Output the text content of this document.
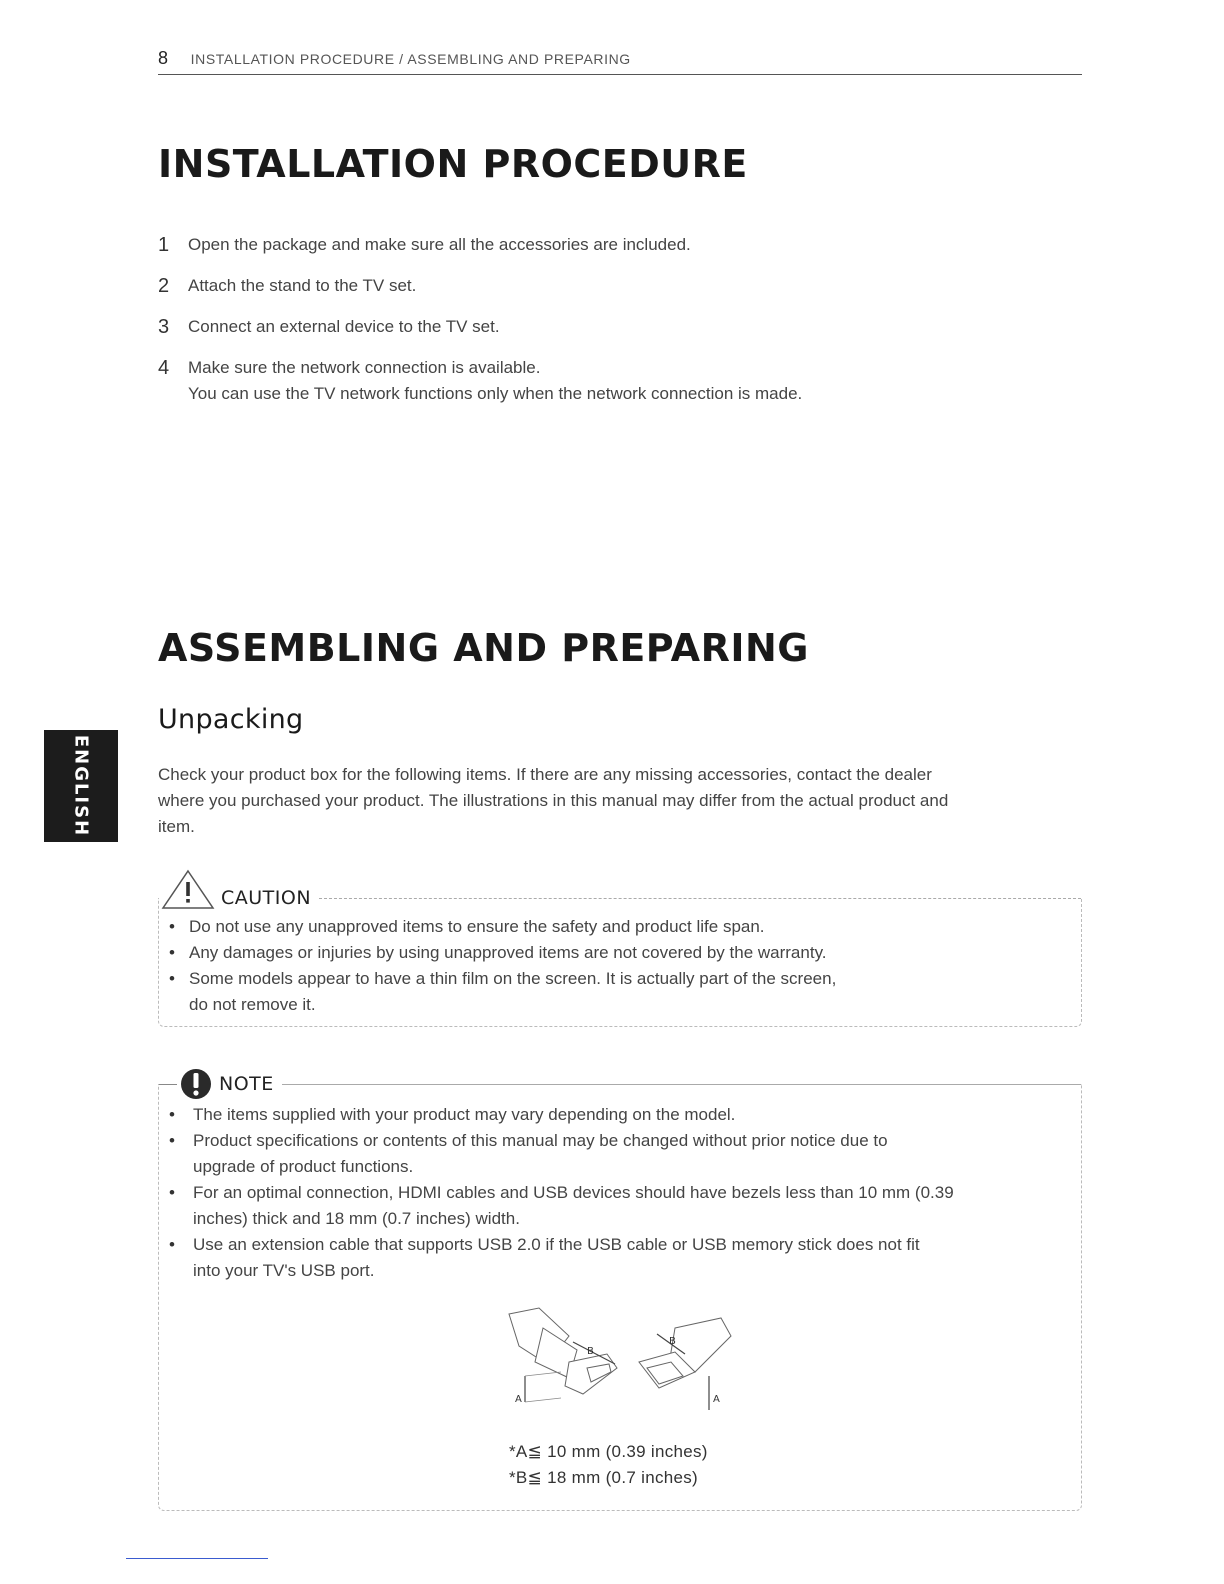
8 INSTALLATION PROCEDURE / ASSEMBLING AND PREPARING
INSTALLATION PROCEDURE
1	Open the package and make sure all the accessories are included.
2	Attach the stand to the TV set.
3	Connect an external device to the TV set.
4	Make sure the network connection is available.
You can use the TV network functions only when the network connection is made.
ASSEMBLING AND PREPARING
Unpacking

Check your product box for the following items. If there are any missing accessories, contact the dealer
where you purchased your product. The illustrations in this manual may differ from the actual product and
item.

ENGLISH
CAUTION
• Do not use any unapproved items to ensure the safety and product life span.
• Any damages or injuries by using unapproved items are not covered by the warranty.
• Some models appear to have a thin film on the screen. It is actually part of the screen,
do not remove it.
NOTE
• The items supplied with your product may vary depending on the model.
• Product specifications or contents of this manual may be changed without prior notice due to
upgrade of product functions.
• For an optimal connection, HDMI cables and USB devices should have bezels less than 10 mm (0.39
inches) thick and 18 mm (0.7 inches) width.
• Use an extension cable that supports USB 2.0 if the USB cable or USB memory stick does not fit
into your TV's USB port.
A
B
B
A
*A≦ 10 mm (0.39 inches)
*B≦ 18 mm (0.7 inches)
